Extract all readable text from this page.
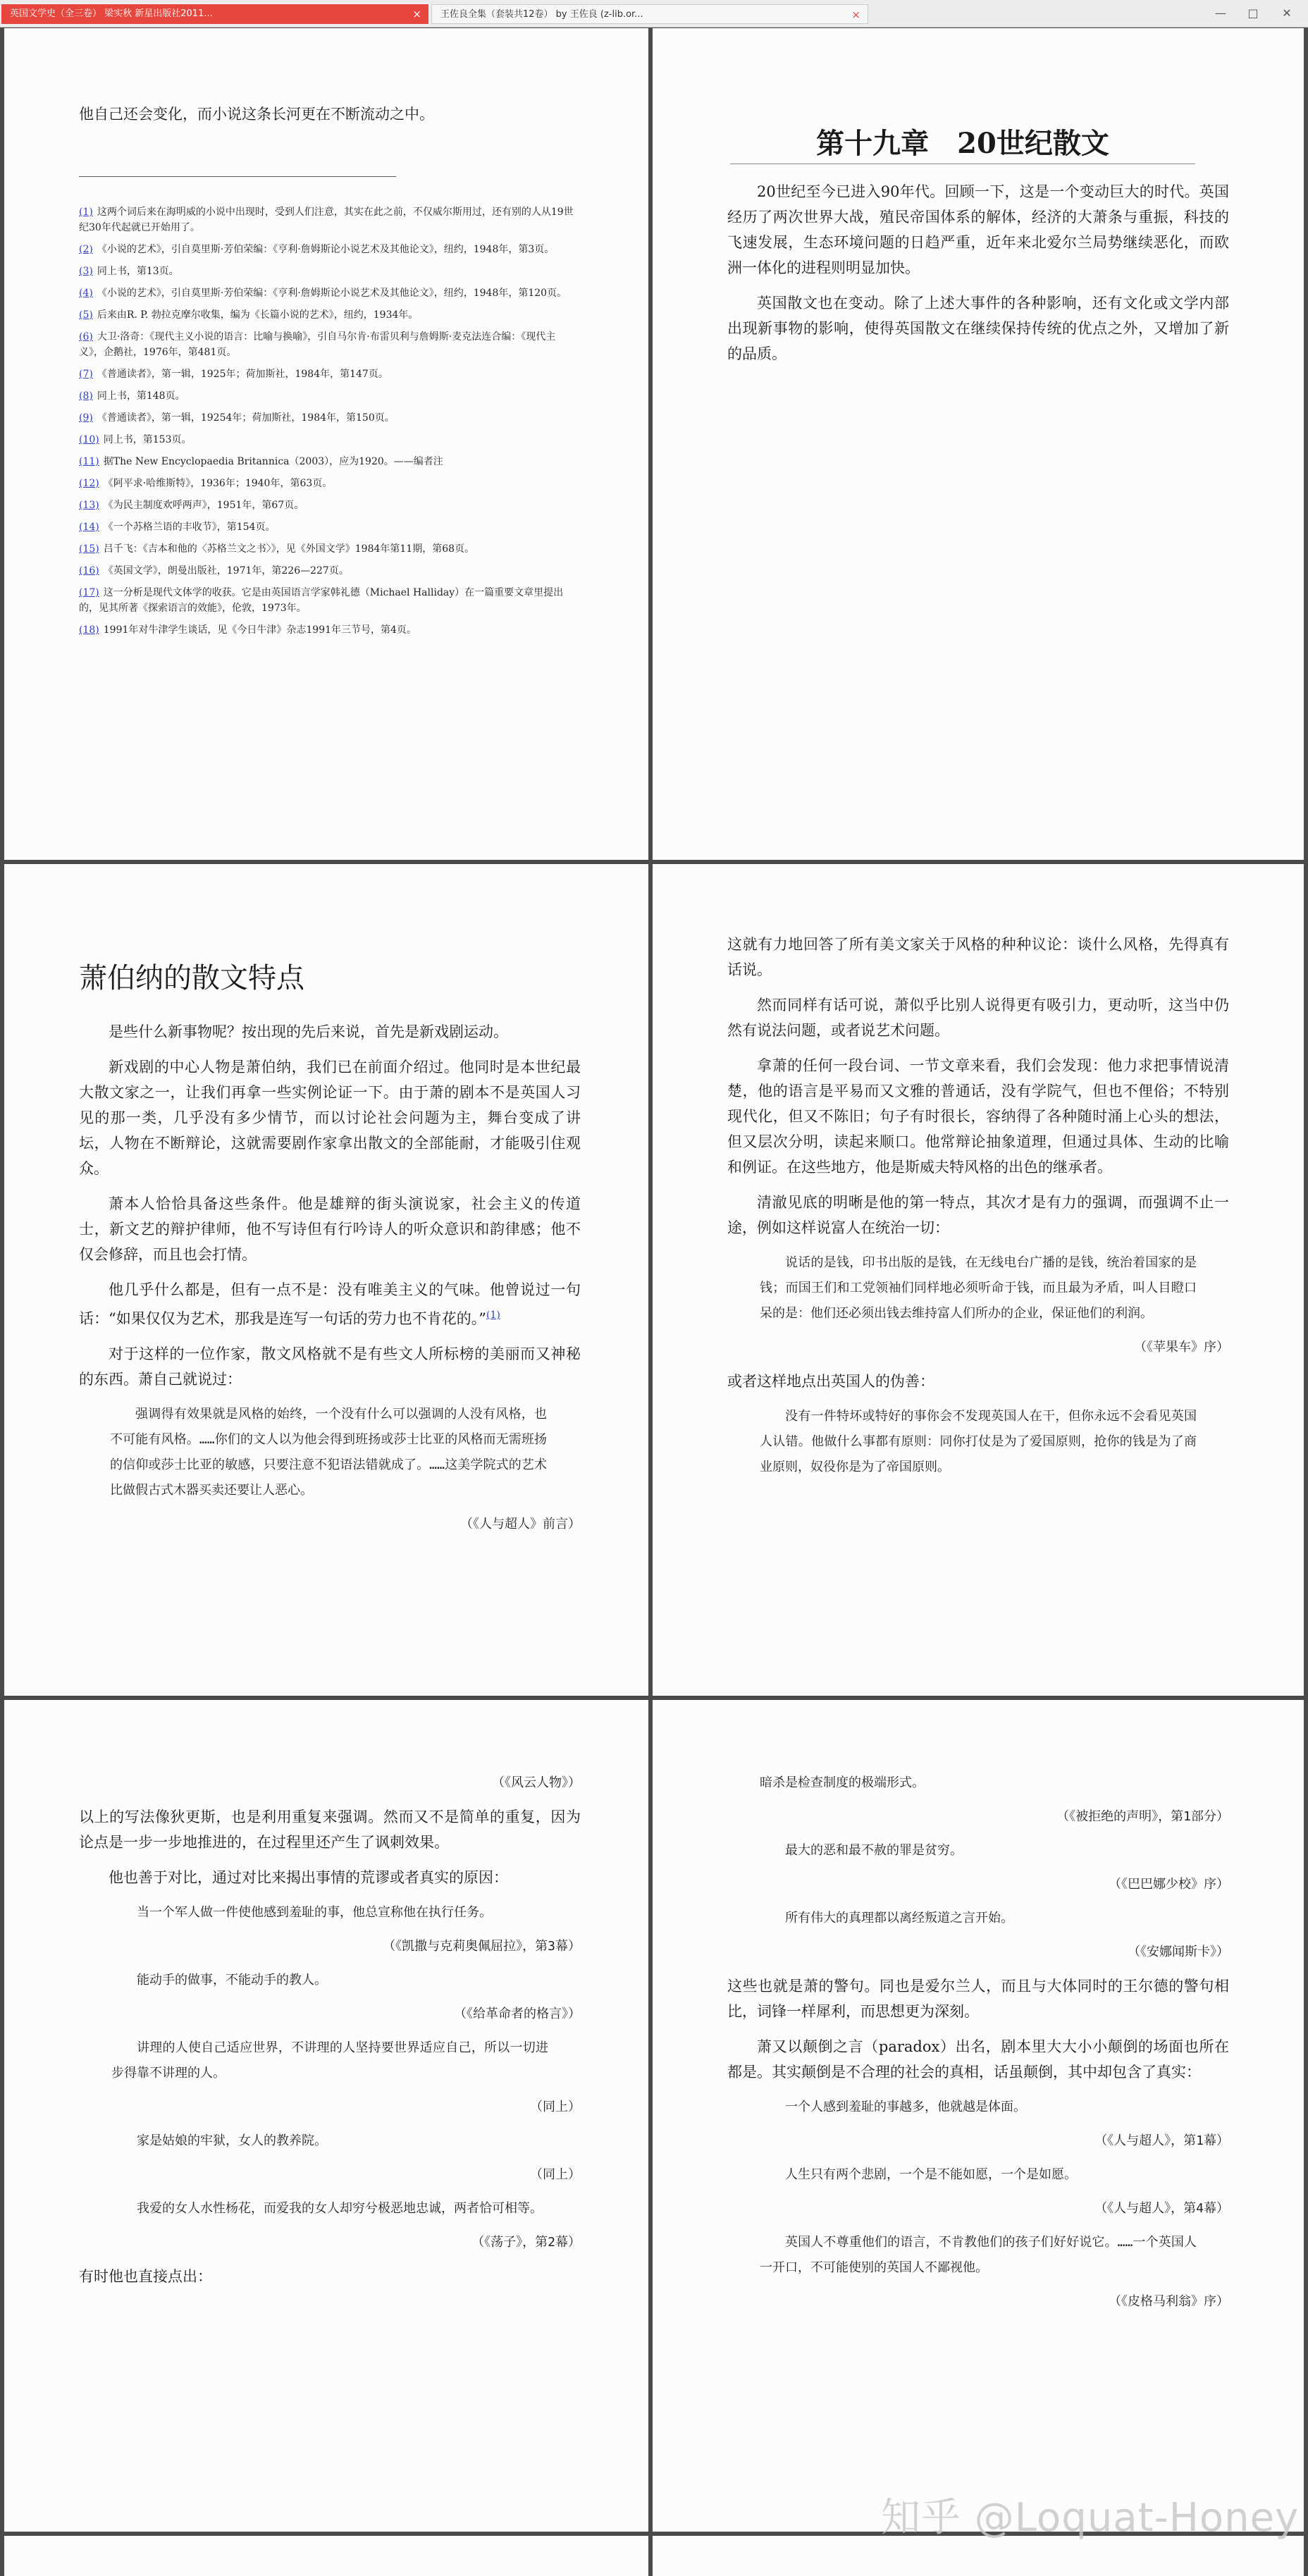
英国文学史（全三卷） 梁实秋 新星出版社2011...	×	王佐良全集（套装共12卷） by 王佐良 (z-lib.or...	×	—	□	✕
他自己还会变化，而小说这条长河更在不断流动之中。

(1) 这两个词后来在海明威的小说中出现时，受到人们注意，其实在此之前，不仅威尔斯用过，还有别的人从19世纪30年代起就已开始用了。

(2) 《小说的艺术》，引自莫里斯·芳伯荣编：《亨利·詹姆斯论小说艺术及其他论文》，纽约，1948年，第3页。

(3) 同上书，第13页。

(4) 《小说的艺术》，引自莫里斯·芳伯荣编：《亨利·詹姆斯论小说艺术及其他论文》，纽约，1948年，第120页。

(5) 后来由R. P. 勃拉克摩尔收集，编为《长篇小说的艺术》，纽约，1934年。

(6) 大卫·洛奇：《现代主义小说的语言：比喻与换喻》，引自马尔肯·布雷贝利与詹姆斯·麦克法连合编：《现代主义》，企鹅社，1976年，第481页。

(7) 《普通读者》，第一辑，1925年；荷加斯社，1984年，第147页。

(8) 同上书，第148页。

(9) 《普通读者》，第一辑，19254年；荷加斯社，1984年，第150页。

(10) 同上书，第153页。

(11) 据The New Encyclopaedia Britannica（2003），应为1920。——编者注

(12) 《阿平求·哈维斯特》，1936年；1940年，第63页。

(13) 《为民主制度欢呼两声》，1951年，第67页。

(14) 《一个苏格兰语的丰收节》，第154页。

(15) 吕千飞：《吉本和他的〈苏格兰文之书〉》，见《外国文学》1984年第11期，第68页。

(16) 《英国文学》，朗曼出版社，1971年，第226—227页。

(17) 这一分析是现代文体学的收获。它是由英国语言学家韩礼德（Michael Halliday）在一篇重要文章里提出的，见其所著《探索语言的效能》，伦敦，1973年。

(18) 1991年对牛津学生谈话，见《今日牛津》杂志1991年三节号，第4页。

第十九章　20世纪散文

20世纪至今已进入90年代。回顾一下，这是一个变动巨大的时代。英国经历了两次世界大战，殖民帝国体系的解体，经济的大萧条与重振，科技的飞速发展，生态环境问题的日趋严重，近年来北爱尔兰局势继续恶化，而欧洲一体化的进程则明显加快。

英国散文也在变动。除了上述大事件的各种影响，还有文化或文学内部出现新事物的影响，使得英国散文在继续保持传统的优点之外，又增加了新的品质。

萧伯纳的散文特点

是些什么新事物呢？按出现的先后来说，首先是新戏剧运动。

新戏剧的中心人物是萧伯纳，我们已在前面介绍过。他同时是本世纪最大散文家之一，让我们再拿一些实例论证一下。由于萧的剧本不是英国人习见的那一类，几乎没有多少情节，而以讨论社会问题为主，舞台变成了讲坛，人物在不断辩论，这就需要剧作家拿出散文的全部能耐，才能吸引住观众。

萧本人恰恰具备这些条件。他是雄辩的街头演说家，社会主义的传道士，新文艺的辩护律师，他不写诗但有行吟诗人的听众意识和韵律感；他不仅会修辞，而且也会打情。

他几乎什么都是，但有一点不是：没有唯美主义的气味。他曾说过一句话：“如果仅仅为艺术，那我是连写一句话的劳力也不肯花的。”$^{(1)}$

对于这样的一位作家，散文风格就不是有些文人所标榜的美丽而又神秘的东西。萧自己就说过：

强调得有效果就是风格的始终，一个没有什么可以强调的人没有风格，也不可能有风格。……你们的文人以为他会得到班扬或莎士比亚的风格而无需班扬的信仰或莎士比亚的敏感，只要注意不犯语法错就成了。……这美学院式的艺术比做假古式木器买卖还要让人恶心。

（《人与超人》前言）

这就有力地回答了所有美文家关于风格的种种议论：谈什么风格，先得真有话说。

然而同样有话可说，萧似乎比别人说得更有吸引力，更动听，这当中仍然有说法问题，或者说艺术问题。

拿萧的任何一段台词、一节文章来看，我们会发现：他力求把事情说清楚，他的语言是平易而又文雅的普通话，没有学院气，但也不俚俗；不特别现代化，但又不陈旧；句子有时很长，容纳得了各种随时涌上心头的想法，但又层次分明，读起来顺口。他常辩论抽象道理，但通过具体、生动的比喻和例证。在这些地方，他是斯威夫特风格的出色的继承者。

清澈见底的明晰是他的第一特点，其次才是有力的强调，而强调不止一途，例如这样说富人在统治一切：

说话的是钱，印书出版的是钱，在无线电台广播的是钱，统治着国家的是钱；而国王们和工党领袖们同样地必须听命于钱，而且最为矛盾，叫人目瞪口呆的是：他们还必须出钱去维持富人们所办的企业，保证他们的利润。

（《苹果车》序）

或者这样地点出英国人的伪善：

没有一件特坏或特好的事你会不发现英国人在干，但你永远不会看见英国人认错。他做什么事都有原则：同你打仗是为了爱国原则，抢你的钱是为了商业原则，奴役你是为了帝国原则。

（《风云人物》）

以上的写法像狄更斯，也是利用重复来强调。然而又不是简单的重复，因为论点是一步一步地推进的，在过程里还产生了讽刺效果。

他也善于对比，通过对比来揭出事情的荒谬或者真实的原因：

当一个军人做一件使他感到羞耻的事，他总宣称他在执行任务。

（《凯撒与克莉奥佩屈拉》，第3幕）

能动手的做事，不能动手的教人。

（《给革命者的格言》）

讲理的人使自己适应世界，不讲理的人坚持要世界适应自己，所以一切进步得靠不讲理的人。

（同上）

家是姑娘的牢狱，女人的教养院。

（同上）

我爱的女人水性杨花，而爱我的女人却穷兮极恶地忠诚，两者恰可相等。

（《荡子》，第2幕）

有时他也直接点出：

暗杀是检查制度的极端形式。

（《被拒绝的声明》，第1部分）

最大的恶和最不赦的罪是贫穷。

（《巴巴娜少校》序）

所有伟大的真理都以离经叛道之言开始。

（《安娜闻斯卡》）

这些也就是萧的警句。同也是爱尔兰人，而且与大体同时的王尔德的警句相比，词锋一样犀利，而思想更为深刻。

萧又以颠倒之言（paradox）出名，剧本里大大小小颠倒的场面也所在都是。其实颠倒是不合理的社会的真相，话虽颠倒，其中却包含了真实：

一个人感到羞耻的事越多，他就越是体面。

（《人与超人》，第1幕）

人生只有两个悲剧，一个是不能如愿，一个是如愿。

（《人与超人》，第4幕）

英国人不尊重他们的语言，不肯教他们的孩子们好好说它。……一个英国人一开口，不可能使别的英国人不鄙视他。

（《皮格马利翁》序）

知乎 @Loquat-Honey
